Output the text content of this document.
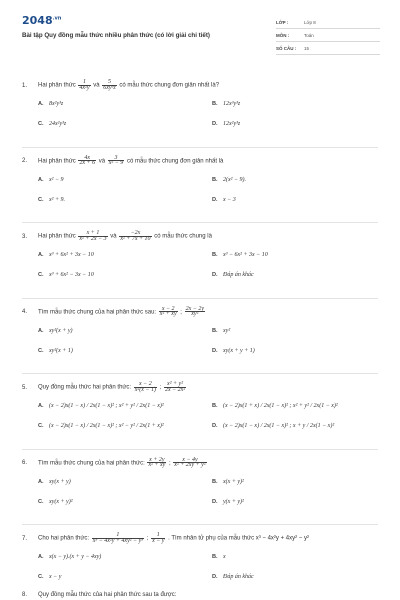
$2048^{.vn}$
Bài tập Quy đồng mẫu thức nhiều phân thức (có lời giải chi tiết)
LỚP :	Lớp 8
MÔN :	Toán
SỐ CÂU : 15
1. Hai phân thức $\frac{1}{\text{4x²y}}$ và $\frac{5}{\text{6xy³z}}$ có mẫu thức chung đơn giản nhất là?
A. 8x²y³z	B. 12x³y³z
C. 24x²y³z	D. 12x²y³z
2. Hai phân thức $\frac{4x}{2x + 6}$ và $\frac{3}{\text{x² − 9}}$ có mẫu thức chung đơn giản nhất là
A. x² − 9	B. 2(x² − 9).
C. x² + 9.	D. x − 3
3. Hai phân thức $\frac{x + 1}{\text{x² + 2x − 3}}$ và $\frac{-2x}{\text{x² + 7x + 10}}$ có mẫu thức chung là
A. x³ + 6x² + 3x − 10	B. x³ − 6x² + 3x − 10
C. x³ + 6x² − 3x − 10	D. Đáp án khác
4. Tìm mẫu thức chung của hai phân thức sau: $\frac{x - 2}{\text{x² + xy}}$ ; $\frac{2x - 2y}{\text{xy²}}$
A. xy²(x + y)	B. xy²
C. xy²(x + 1)	D. xy(x + y + 1)
5. Quy đồng mẫu thức hai phân thức: $\frac{x - 2}{\text{x²(x − 1)}}$ ; $\frac{\text{x² + y²}}{\text{2x − 2x²}}$
A. (x − 2)x(1 − x) / 2x(1 − x)² ; x² + y² / 2x(1 − x)²	B. (x − 2)x(1 + x) / 2x(1 − x)² ; x² + y² / 2x(1 − x)²
C. (x − 2)x(1 − x) / 2x(1 − x)² ; x² − y² / 2x(1 + x)²	D. (x − 2)x(1 − x) / 2x(1 − x)² ; x + y / 2x(1 − x)²
6. Tìm mẫu thức chung của hai phân thức: $\frac{x + 2y}{\text{x² + xy}}$ ; $\frac{x - 4y}{\text{x² + 2xy + y²}}$
A. xy(x + y)	B. x(x + y)²
C. xy(x + y)²	D. y(x + y)²
7. Cho hai phân thức: $\frac{1}{\text{x³ − 4x²y + 4xy² − y³}}$ ; $\frac{1}{x - y}$ . Tìm nhân tử phụ của mẫu thức x³ − 4x²y + 4xy² − y²
A. x(x − y).(x + y − 4xy)	B. x
C. x − y	D. Đáp án khác
8. Quy đồng mẫu thức của hai phân thức sau ta được:
